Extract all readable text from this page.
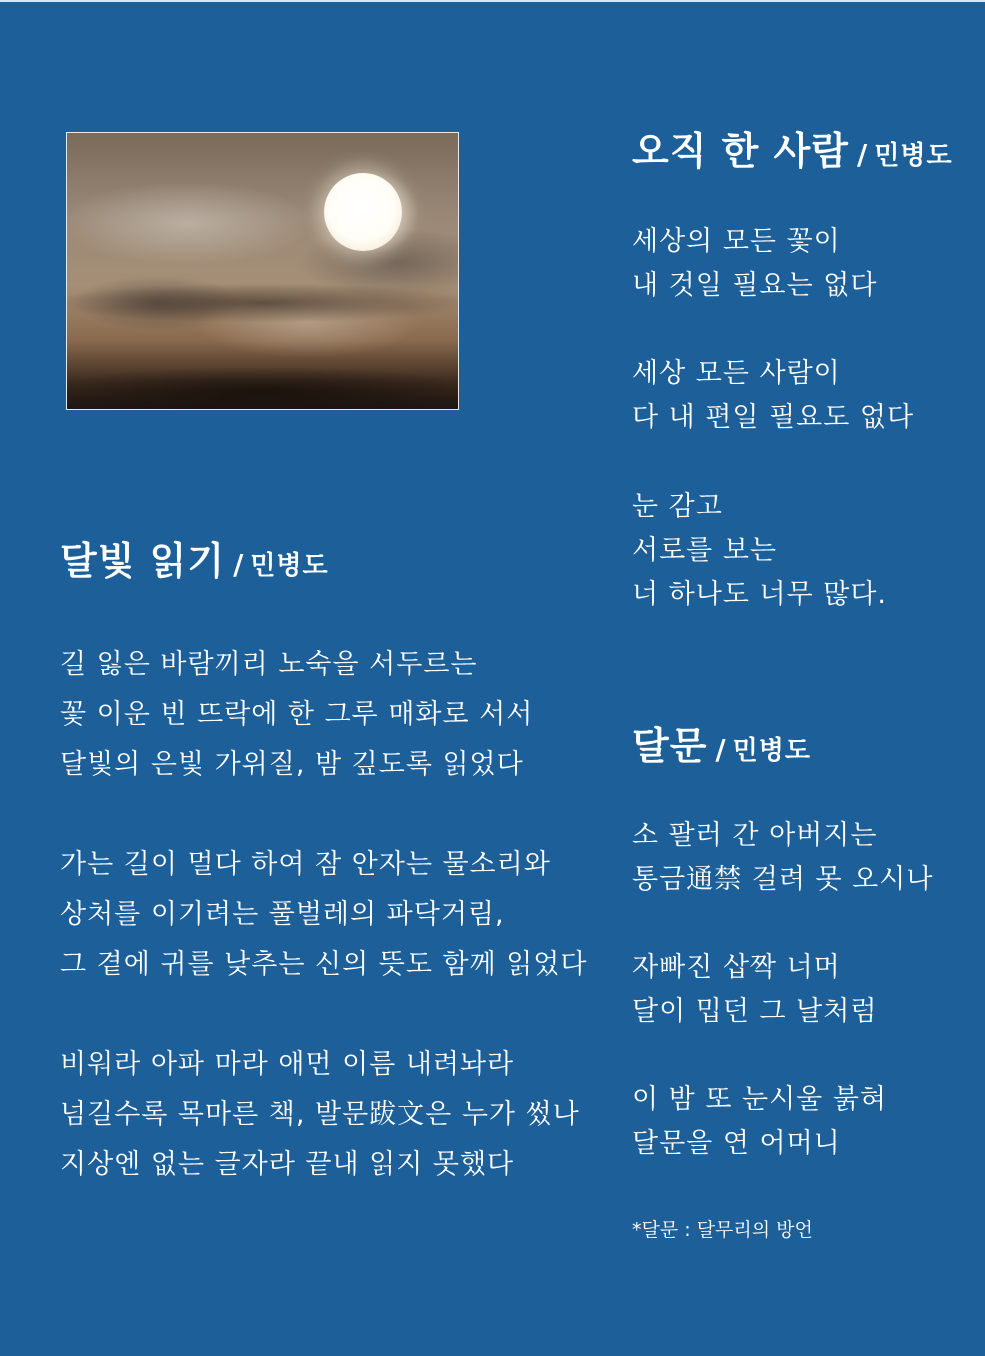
달빛 읽기 / 민병도
길 잃은 바람끼리 노숙을 서두르는
꽃 이운 빈 뜨락에 한 그루 매화로 서서
달빛의 은빛 가위질, 밤 깊도록 읽었다
가는 길이 멀다 하여 잠 안자는 물소리와
상처를 이기려는 풀벌레의 파닥거림,
그 곁에 귀를 낮추는 신의 뜻도 함께 읽었다
비워라 아파 마라 애먼 이름 내려놔라
넘길수록 목마른 책, 발문跋文은 누가 썼나
지상엔 없는 글자라 끝내 읽지 못했다
오직 한 사람 / 민병도
세상의 모든 꽃이
내 것일 필요는 없다
세상 모든 사람이
다 내 편일 필요도 없다
눈 감고
서로를 보는
너 하나도 너무 많다.
달문 / 민병도
소 팔러 간 아버지는
통금通禁 걸려 못 오시나
자빠진 삽짝 너머
달이 밉던 그 날처럼
이 밤 또 눈시울 붉혀
달문을 연 어머니
*달문 : 달무리의 방언
